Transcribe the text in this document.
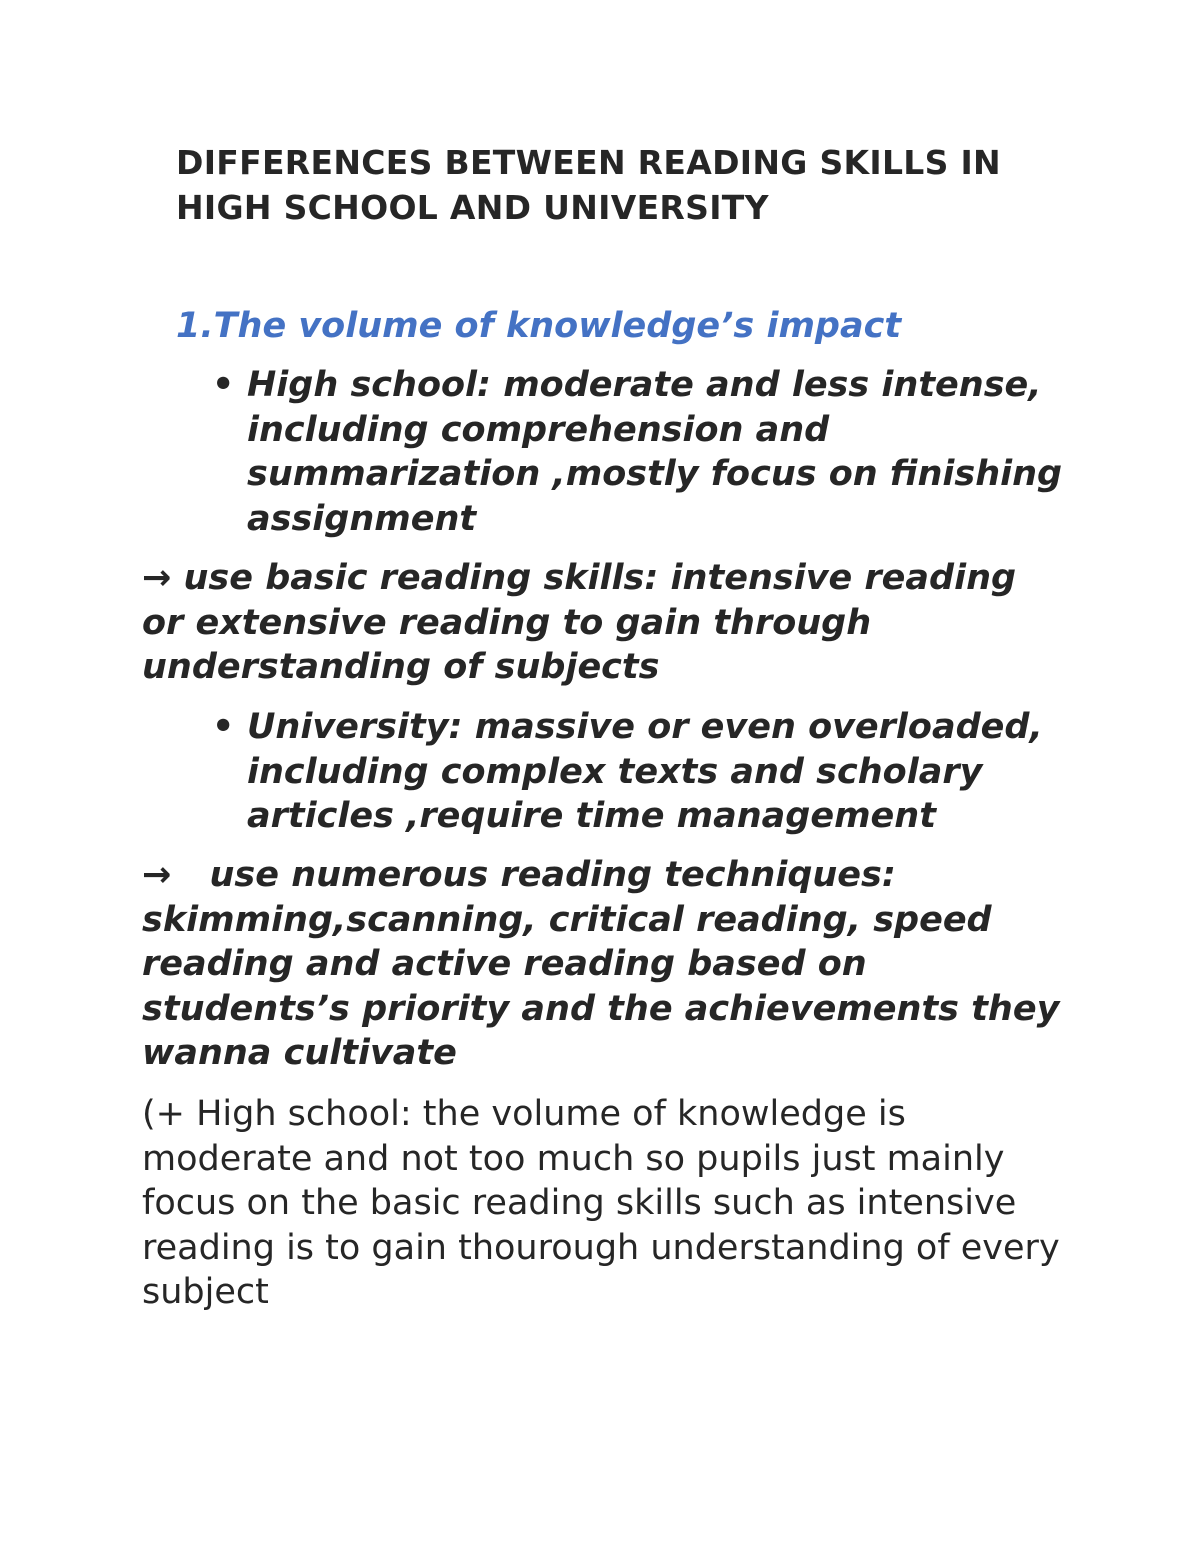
DIFFERENCES BETWEEN READING SKILLS IN HIGH SCHOOL AND UNIVERSITY
1.The volume of knowledge’s impact
• High school: moderate and less intense, including comprehension and summarization ,mostly focus on finishing assignment

→ use basic reading skills: intensive reading or extensive reading to gain through understanding of subjects

• University: massive or even overloaded, including complex texts and scholary articles ,require time management

→ use numerous reading techniques: skimming,scanning, critical reading, speed reading and active reading based on students’s priority and the achievements they wanna cultivate

(+ High school: the volume of knowledge is moderate and not too much so pupils just mainly focus on the basic reading skills such as intensive reading is to gain thourough understanding of every subject
